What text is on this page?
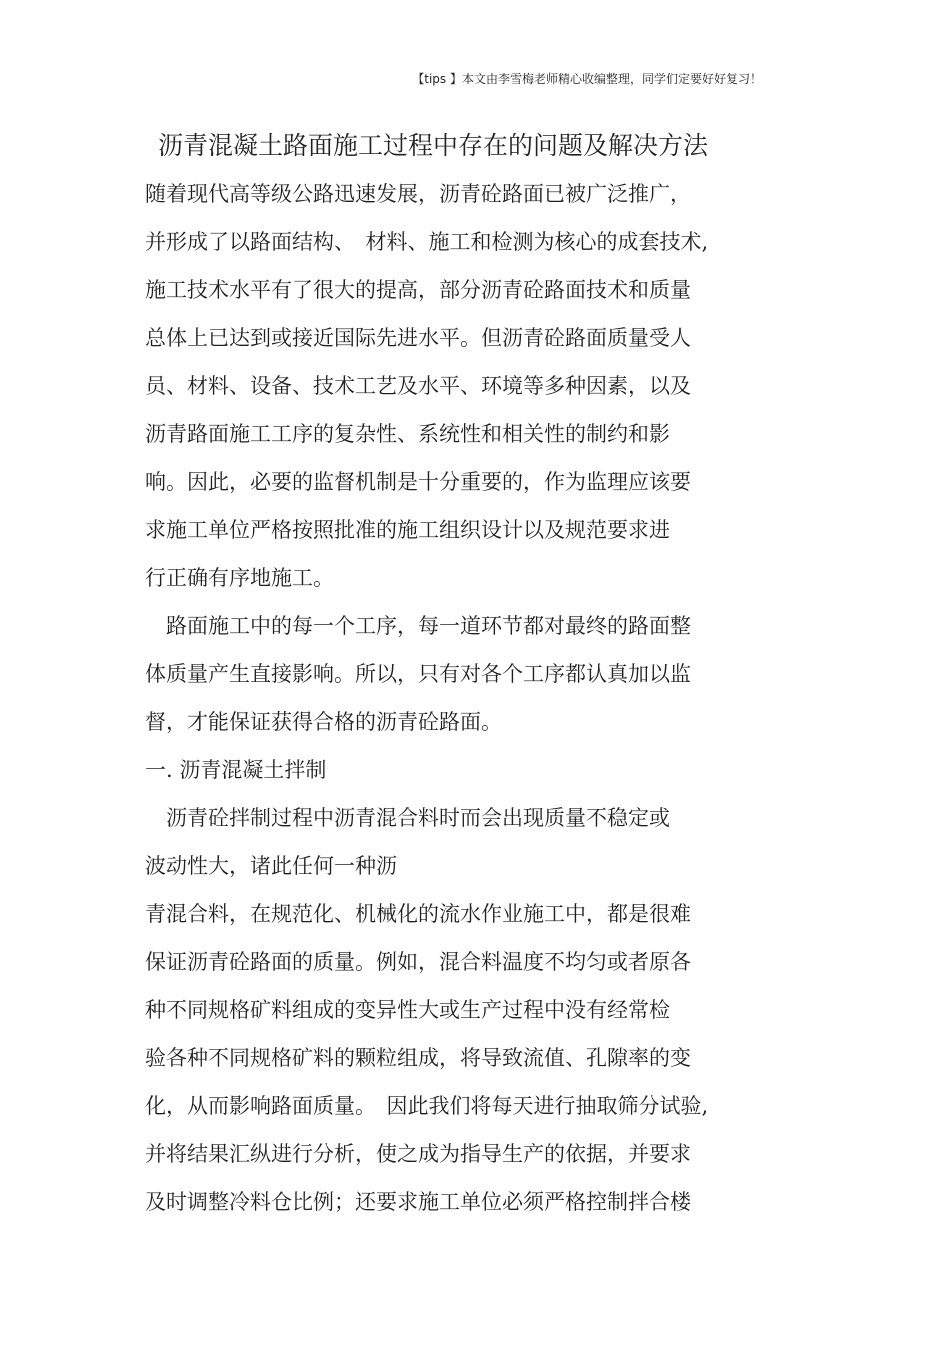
【tips 】本文由李雪梅老师精心收编整理，同学们定要好好复习！
沥青混凝土路面施工过程中存在的问题及解决方法
随着现代高等级公路迅速发展，沥青砼路面已被广泛推广，
并形成了以路面结构、　材料、施工和检测为核心的成套技术,
施工技术水平有了很大的提高，部分沥青砼路面技术和质量
总体上已达到或接近国际先进水平。但沥青砼路面质量受人
员、材料、设备、技术工艺及水平、环境等多种因素，以及
沥青路面施工工序的复杂性、系统性和相关性的制约和影
响。因此，必要的监督机制是十分重要的，作为监理应该要
求施工单位严格按照批准的施工组织设计以及规范要求进
行正确有序地施工。
　路面施工中的每一个工序，每一道环节都对最终的路面整
体质量产生直接影响。所以，只有对各个工序都认真加以监
督，才能保证获得合格的沥青砼路面。
一. 沥青混凝土拌制
　沥青砼拌制过程中沥青混合料时而会出现质量不稳定或
波动性大，诸此任何一种沥
青混合料，在规范化、机械化的流水作业施工中，都是很难
保证沥青砼路面的质量。例如，混合料温度不均匀或者原各
种不同规格矿料组成的变异性大或生产过程中没有经常检
验各种不同规格矿料的颗粒组成，将导致流值、孔隙率的变
化，从而影响路面质量。　因此我们将每天进行抽取筛分试验,
并将结果汇纵进行分析，使之成为指导生产的依据，并要求
及时调整冷料仓比例；还要求施工单位必须严格控制拌合楼
